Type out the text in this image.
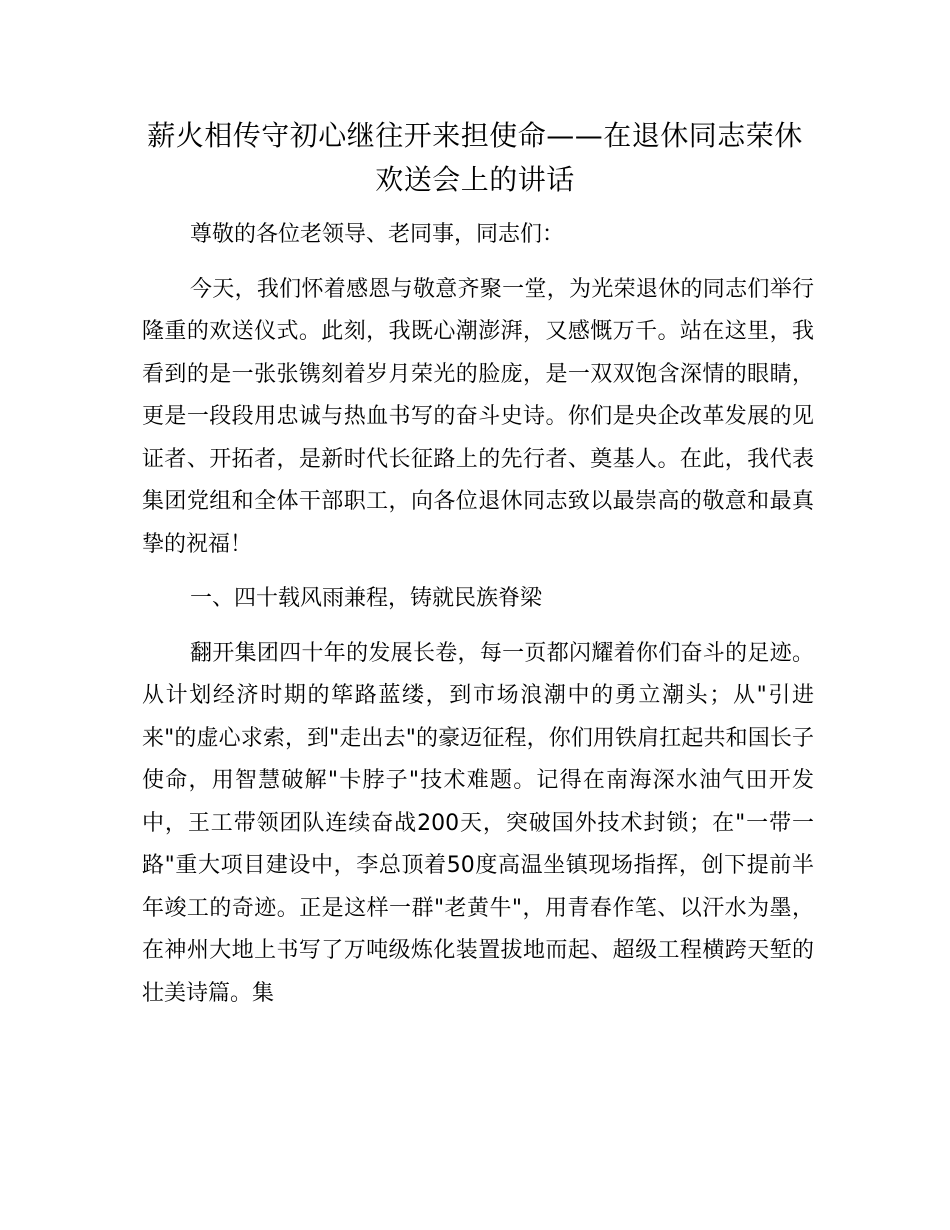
薪火相传守初心继往开来担使命——在退休同志荣休欢送会上的讲话

尊敬的各位老领导、老同事，同志们：

今天，我们怀着感恩与敬意齐聚一堂，为光荣退休的同志们举行隆重的欢送仪式。此刻，我既心潮澎湃，又感慨万千。站在这里，我看到的是一张张镌刻着岁月荣光的脸庞，是一双双饱含深情的眼睛，更是一段段用忠诚与热血书写的奋斗史诗。你们是央企改革发展的见证者、开拓者，是新时代长征路上的先行者、奠基人。在此，我代表集团党组和全体干部职工，向各位退休同志致以最崇高的敬意和最真挚的祝福！

一、四十载风雨兼程，铸就民族脊梁

翻开集团四十年的发展长卷，每一页都闪耀着你们奋斗的足迹。从计划经济时期的筚路蓝缕，到市场浪潮中的勇立潮头；从"引进来"的虚心求索，到"走出去"的豪迈征程，你们用铁肩扛起共和国长子使命，用智慧破解"卡脖子"技术难题。记得在南海深水油气田开发中，王工带领团队连续奋战200天，突破国外技术封锁；在"一带一路"重大项目建设中，李总顶着50度高温坐镇现场指挥，创下提前半年竣工的奇迹。正是这样一群"老黄牛"，用青春作笔、以汗水为墨，在神州大地上书写了万吨级炼化装置拔地而起、超级工程横跨天堑的壮美诗篇。集
